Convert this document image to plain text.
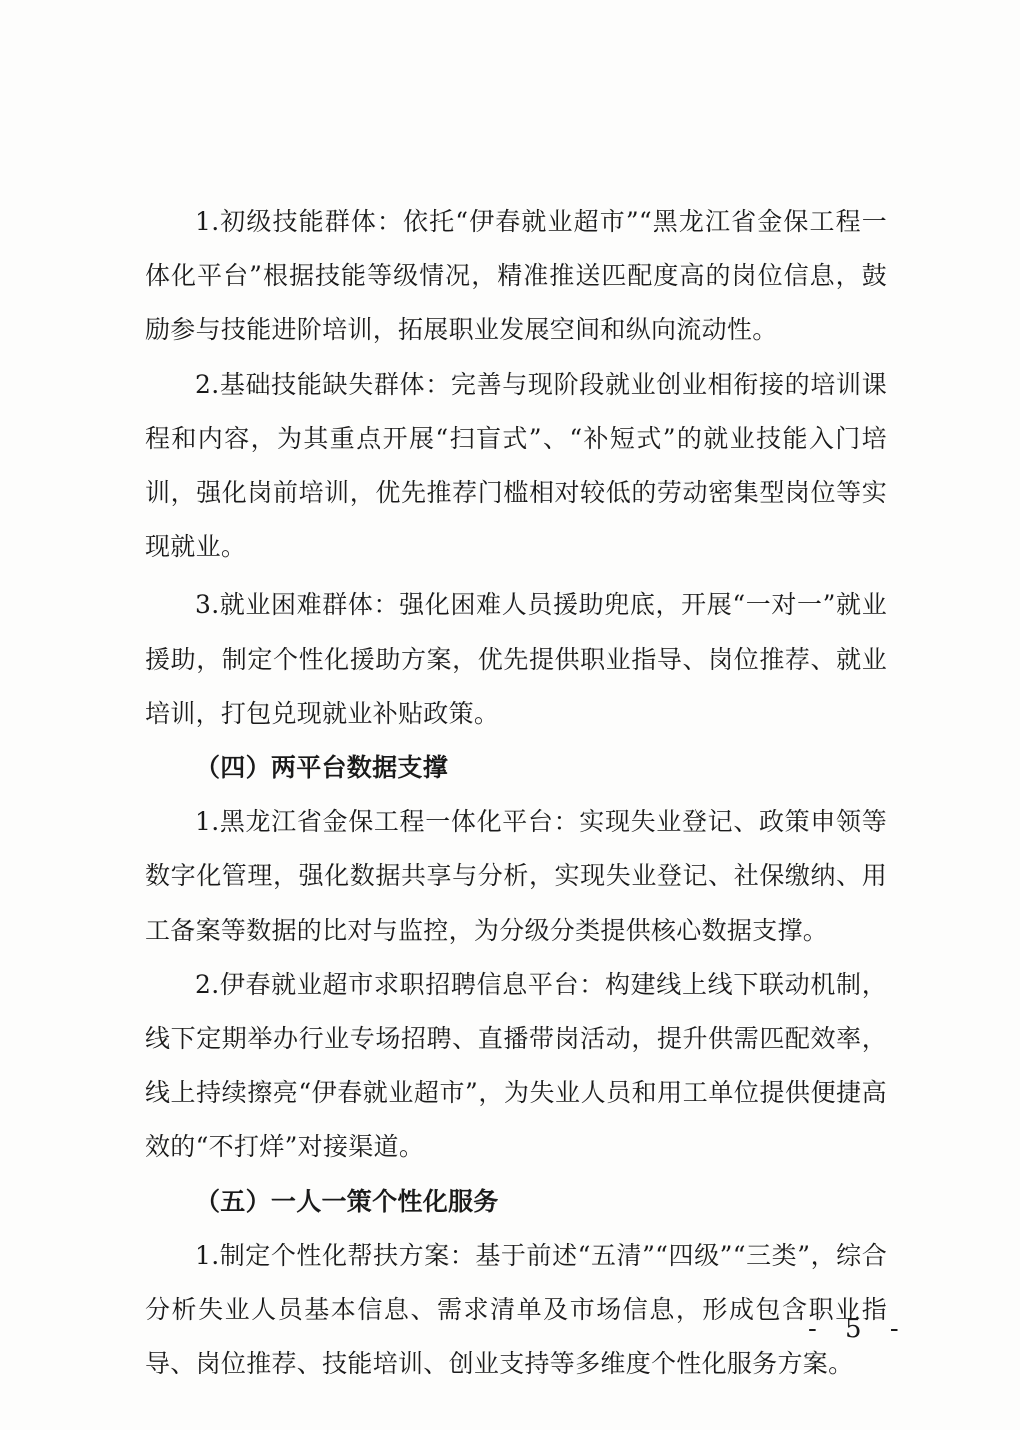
1.初级技能群体：依托“伊春就业超市”“黑龙江省金保工程一体化平台”根据技能等级情况，精准推送匹配度高的岗位信息，鼓励参与技能进阶培训，拓展职业发展空间和纵向流动性。

2.基础技能缺失群体：完善与现阶段就业创业相衔接的培训课程和内容，为其重点开展“扫盲式”、“补短式”的就业技能入门培训，强化岗前培训，优先推荐门槛相对较低的劳动密集型岗位等实现就业。

3.就业困难群体：强化困难人员援助兜底，开展“一对一”就业援助，制定个性化援助方案，优先提供职业指导、岗位推荐、就业培训，打包兑现就业补贴政策。

（四）两平台数据支撑

1.黑龙江省金保工程一体化平台：实现失业登记、政策申领等数字化管理，强化数据共享与分析，实现失业登记、社保缴纳、用工备案等数据的比对与监控，为分级分类提供核心数据支撑。

2.伊春就业超市求职招聘信息平台：构建线上线下联动机制，线下定期举办行业专场招聘、直播带岗活动，提升供需匹配效率，线上持续擦亮“伊春就业超市”，为失业人员和用工单位提供便捷高效的“不打烊”对接渠道。

（五）一人一策个性化服务

1.制定个性化帮扶方案：基于前述“五清”“四级”“三类”，综合分析失业人员基本信息、需求清单及市场信息，形成包含职业指导、岗位推荐、技能培训、创业支持等多维度个性化服务方案。

- 5 -
